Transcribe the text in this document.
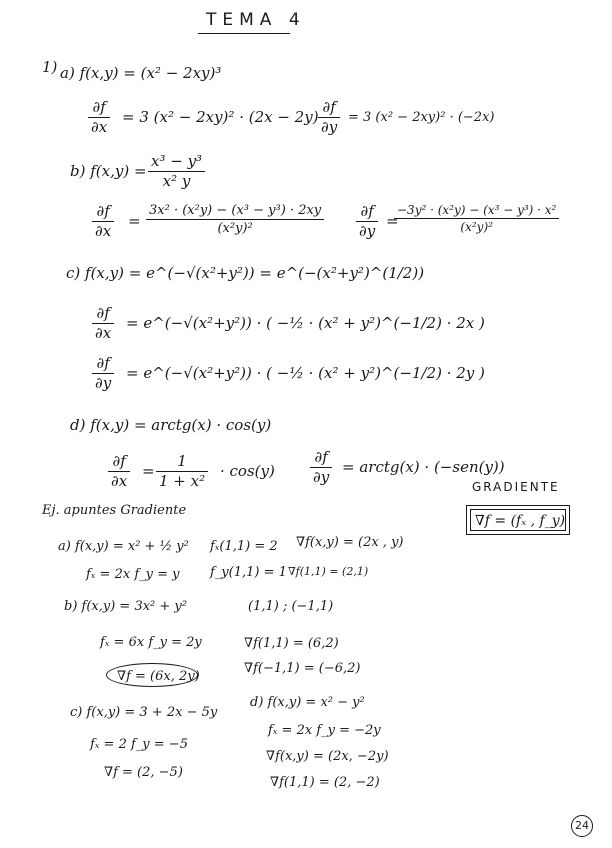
TEMA 4
1) a) f(x,y) = (x² − 2xy)³
$\frac{\partial f}{\partial x} = 3$ $(x^2 - 2xy)^2 \cdot (2x - 2y) \frac{\partial f}{\partial y} = 3$ (x² − 2xy)² · (−2x)
b) $f(x,y) = \frac{\text{x³ − y³}}{\text{x² y}}$
$\frac{\partial f}{\partial x} = \frac{\text{3x² · (x²y) − (x³ − y³) · 2xy}}{\text{(x²y)²}} \frac{\partial f}{\partial y}$ =
$\frac{\text{−3y² · (x²y) − (x³ − y³) · x²}}{\text{(x²y)²}}$
c) f(x,y) = e^(−√(x²+y²)) = e^(−(x²+y²)^(1/2))
$\frac{\partial f}{\partial x}$ = e^(−√(x²+y²)) · ( −½ · (x² + y²)^(−1/2) · 2x )
$\frac{\partial f}{\partial y}$ = e^(−√(x²+y²)) · ( −½ · (x² + y²)^(−1/2) · 2y )
d) f(x,y) = arctg(x) · cos(y)
$\frac{\partial f}{\partial x} = \frac{1}{\text{1 + x²}} \cdot \cos(y) \frac{\partial f}{\partial y}$ = arctg(x) · (−sen(y))
GRADIENTE
∇f = (fₓ , f_y)
Ej. apuntes Gradiente
a) f(x,y) = x² + ½ y²
fₓ = 2x f_y = y
fₓ(1,1) = 2
f_y(1,1) = 1
∇f(x,y) = (2x , y)
∇f(1,1) = (2,1)
b) f(x,y) = 3x² + y²	(1,1) ; (−1,1)
fₓ = 6x f_y = 2y
∇f = (6x, 2y)
∇f(1,1) = (6,2)
∇f(−1,1) = (−6,2)
c) f(x,y) = 3 + 2x − 5y
fₓ = 2 f_y = −5
∇f = (2, −5)
d) f(x,y) = x² − y²
fₓ = 2x f_y = −2y
∇f(x,y) = (2x, −2y)
∇f(1,1) = (2, −2)
24
